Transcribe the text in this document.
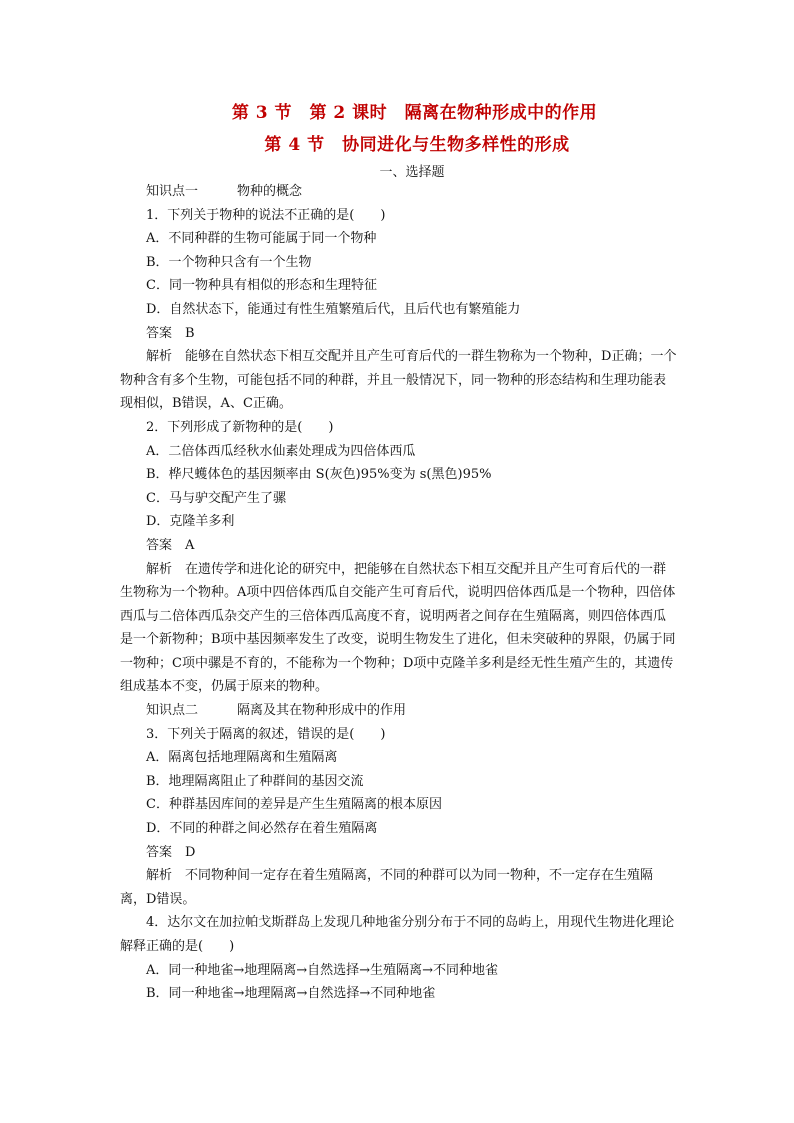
第 3 节　第 2 课时　隔离在物种形成中的作用
第 4 节　协同进化与生物多样性的形成
一、选择题

知识点一　　　物种的概念

1．下列关于物种的说法不正确的是(　　)

A．不同种群的生物可能属于同一个物种

B．一个物种只含有一个生物

C．同一物种具有相似的形态和生理特征

D．自然状态下，能通过有性生殖繁殖后代，且后代也有繁殖能力

答案　 B

解析　 能够在自然状态下相互交配并且产生可育后代的一群生物称为一个物种，D正确；一个物种含有多个生物，可能包括不同的种群，并且一般情况下，同一物种的形态结构和生理功能表现相似，B错误，A、C正确。

2．下列形成了新物种的是(　　)

A．二倍体西瓜经秋水仙素处理成为四倍体西瓜

B．桦尺蠖体色的基因频率由 S(灰色)95%变为 s(黑色)95%

C．马与驴交配产生了骡

D．克隆羊多利

答案　 A

解析　 在遗传学和进化论的研究中，把能够在自然状态下相互交配并且产生可育后代的一群生物称为一个物种。A项中四倍体西瓜自交能产生可育后代，说明四倍体西瓜是一个物种，四倍体西瓜与二倍体西瓜杂交产生的三倍体西瓜高度不育，说明两者之间存在生殖隔离，则四倍体西瓜是一个新物种；B项中基因频率发生了改变，说明生物发生了进化，但未突破种的界限，仍属于同一物种；C项中骡是不育的，不能称为一个物种；D项中克隆羊多利是经无性生殖产生的，其遗传组成基本不变，仍属于原来的物种。

知识点二　　　隔离及其在物种形成中的作用

3．下列关于隔离的叙述，错误的是(　　)

A．隔离包括地理隔离和生殖隔离

B．地理隔离阻止了种群间的基因交流

C．种群基因库间的差异是产生生殖隔离的根本原因

D．不同的种群之间必然存在着生殖隔离

答案　 D

解析　 不同物种间一定存在着生殖隔离，不同的种群可以为同一物种，不一定存在生殖隔离，D错误。

4．达尔文在加拉帕戈斯群岛上发现几种地雀分别分布于不同的岛屿上，用现代生物进化理论解释正确的是(　　)

A．同一种地雀→地理隔离→自然选择→生殖隔离→不同种地雀

B．同一种地雀→地理隔离→自然选择→不同种地雀
